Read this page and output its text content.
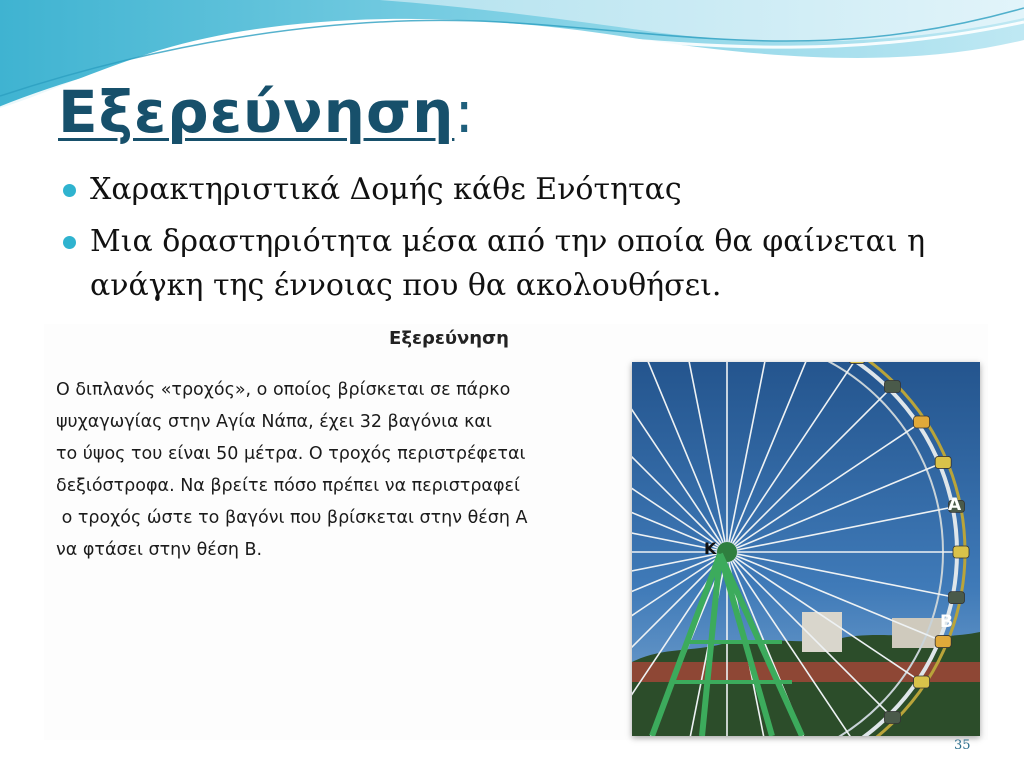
Εξερεύνηση:
Χαρακτηριστικά Δομής κάθε Ενότητας
Μια δραστηριότητα μέσα από την οποία θα φαίνεται η ανάγκη της έννοιας που θα ακολουθήσει.
Εξερεύνηση
Ο διπλανός «τροχός», ο οποίος βρίσκεται σε πάρκο
ψυχαγωγίας στην Αγία Νάπα, έχει 32 βαγόνια και
το ύψος του είναι 50 μέτρα. Ο τροχός περιστρέφεται
δεξιόστροφα. Να βρείτε πόσο πρέπει να περιστραφεί
ο τροχός ώστε το βαγόνι που βρίσκεται στην θέση Α
να φτάσει στην θέση Β.	K
A
B
35
